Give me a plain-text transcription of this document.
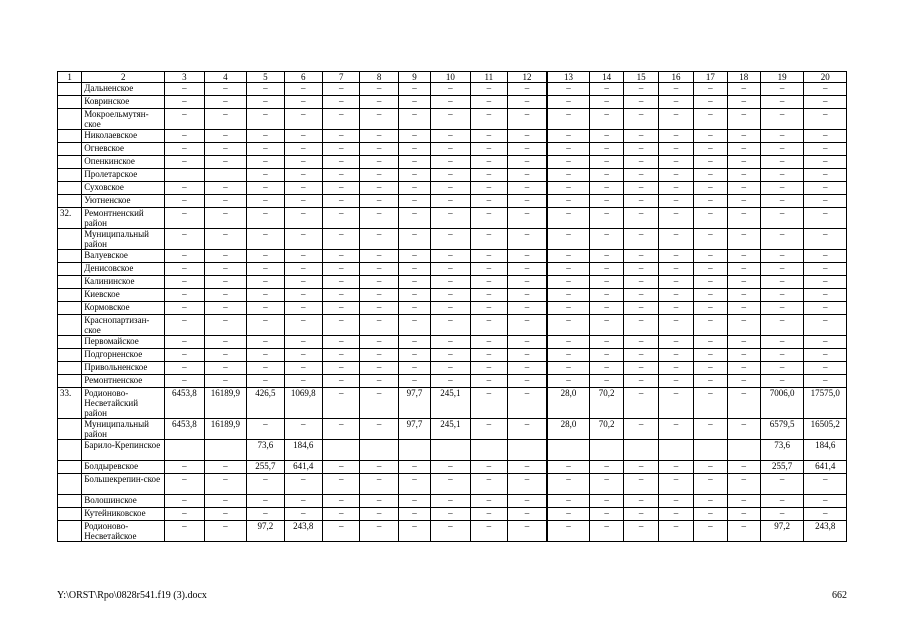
1	2	3	4	5	6	7	8	9	10	11	12	13	14	15	16	17	18	19	20
	Дальненское	–	–	–	–	–	–	–	–	–	–	–	–	–	–	–	–	–	–
	Ковринское	–	–	–	–	–	–	–	–	–	–	–	–	–	–	–	–	–	–
	Мокроельмутян-ское	–	–	–	–	–	–	–	–	–	–	–	–	–	–	–	–	–	–
	Николаевское	–	–	–	–	–	–	–	–	–	–	–	–	–	–	–	–	–	–
	Огневское	–	–	–	–	–	–	–	–	–	–	–	–	–	–	–	–	–	–
	Опенкинское	–	–	–	–	–	–	–	–	–	–	–	–	–	–	–	–	–	–
	Пролетарское			–	–	–	–	–	–	–	–	–	–	–	–	–	–	–	–
	Суховское	–	–	–	–	–	–	–	–	–	–	–	–	–	–	–	–	–	–
	Уютненское	–	–	–	–	–	–	–	–	–	–	–	–	–	–	–	–	–	–
32.	Ремонтненский район	–	–	–	–	–	–	–	–	–	–	–	–	–	–	–	–	–	–
	Муниципальный район	–	–	–	–	–	–	–	–	–	–	–	–	–	–	–	–	–	–
	Валуевское	–	–	–	–	–	–	–	–	–	–	–	–	–	–	–	–	–	–
	Денисовское	–	–	–	–	–	–	–	–	–	–	–	–	–	–	–	–	–	–
	Калининское	–	–	–	–	–	–	–	–	–	–	–	–	–	–	–	–	–	–
	Киевское	–	–	–	–	–	–	–	–	–	–	–	–	–	–	–	–	–	–
	Кормовское	–	–	–	–	–	–	–	–	–	–	–	–	–	–	–	–	–	–
	Краснопартизан-ское	–	–	–	–	–	–	–	–	–	–	–	–	–	–	–	–	–	–
	Первомайское	–	–	–	–	–	–	–	–	–	–	–	–	–	–	–	–	–	–
	Подгорненское	–	–	–	–	–	–	–	–	–	–	–	–	–	–	–	–	–	–
	Привольненское	–	–	–	–	–	–	–	–	–	–	–	–	–	–	–	–	–	–
	Ремонтненское	–	–	–	–	–	–	–	–	–	–	–	–	–	–	–	–	–	–
33.	Родионово-Несветайский район	6453,8	16189,9	426,5	1069,8	–	–	97,7	245,1	–	–	28,0	70,2	–	–	–	–	7006,0	17575,0
	Муниципальный район	6453,8	16189,9	–	–	–	–	97,7	245,1	–	–	28,0	70,2	–	–	–	–	6579,5	16505,2
	Барило-Крепинское			73,6	184,6													73,6	184,6
	Болдыревское	–	–	255,7	641,4	–	–	–	–	–	–	–	–	–	–	–	–	255,7	641,4
	Большекрепин-ское	–	–	–	–	–	–	–	–	–	–	–	–	–	–	–	–	–	–
	Волошинское	–	–	–	–	–	–	–	–	–	–	–	–	–	–	–	–	–	–
	Кутейниковское	–	–	–	–	–	–	–	–	–	–	–	–	–	–	–	–	–	–
	Родионово-Несветайское	–	–	97,2	243,8	–	–	–	–	–	–	–	–	–	–	–	–	97,2	243,8
Y:\ORST\Rpo\0828r541.f19 (3).docx	662
